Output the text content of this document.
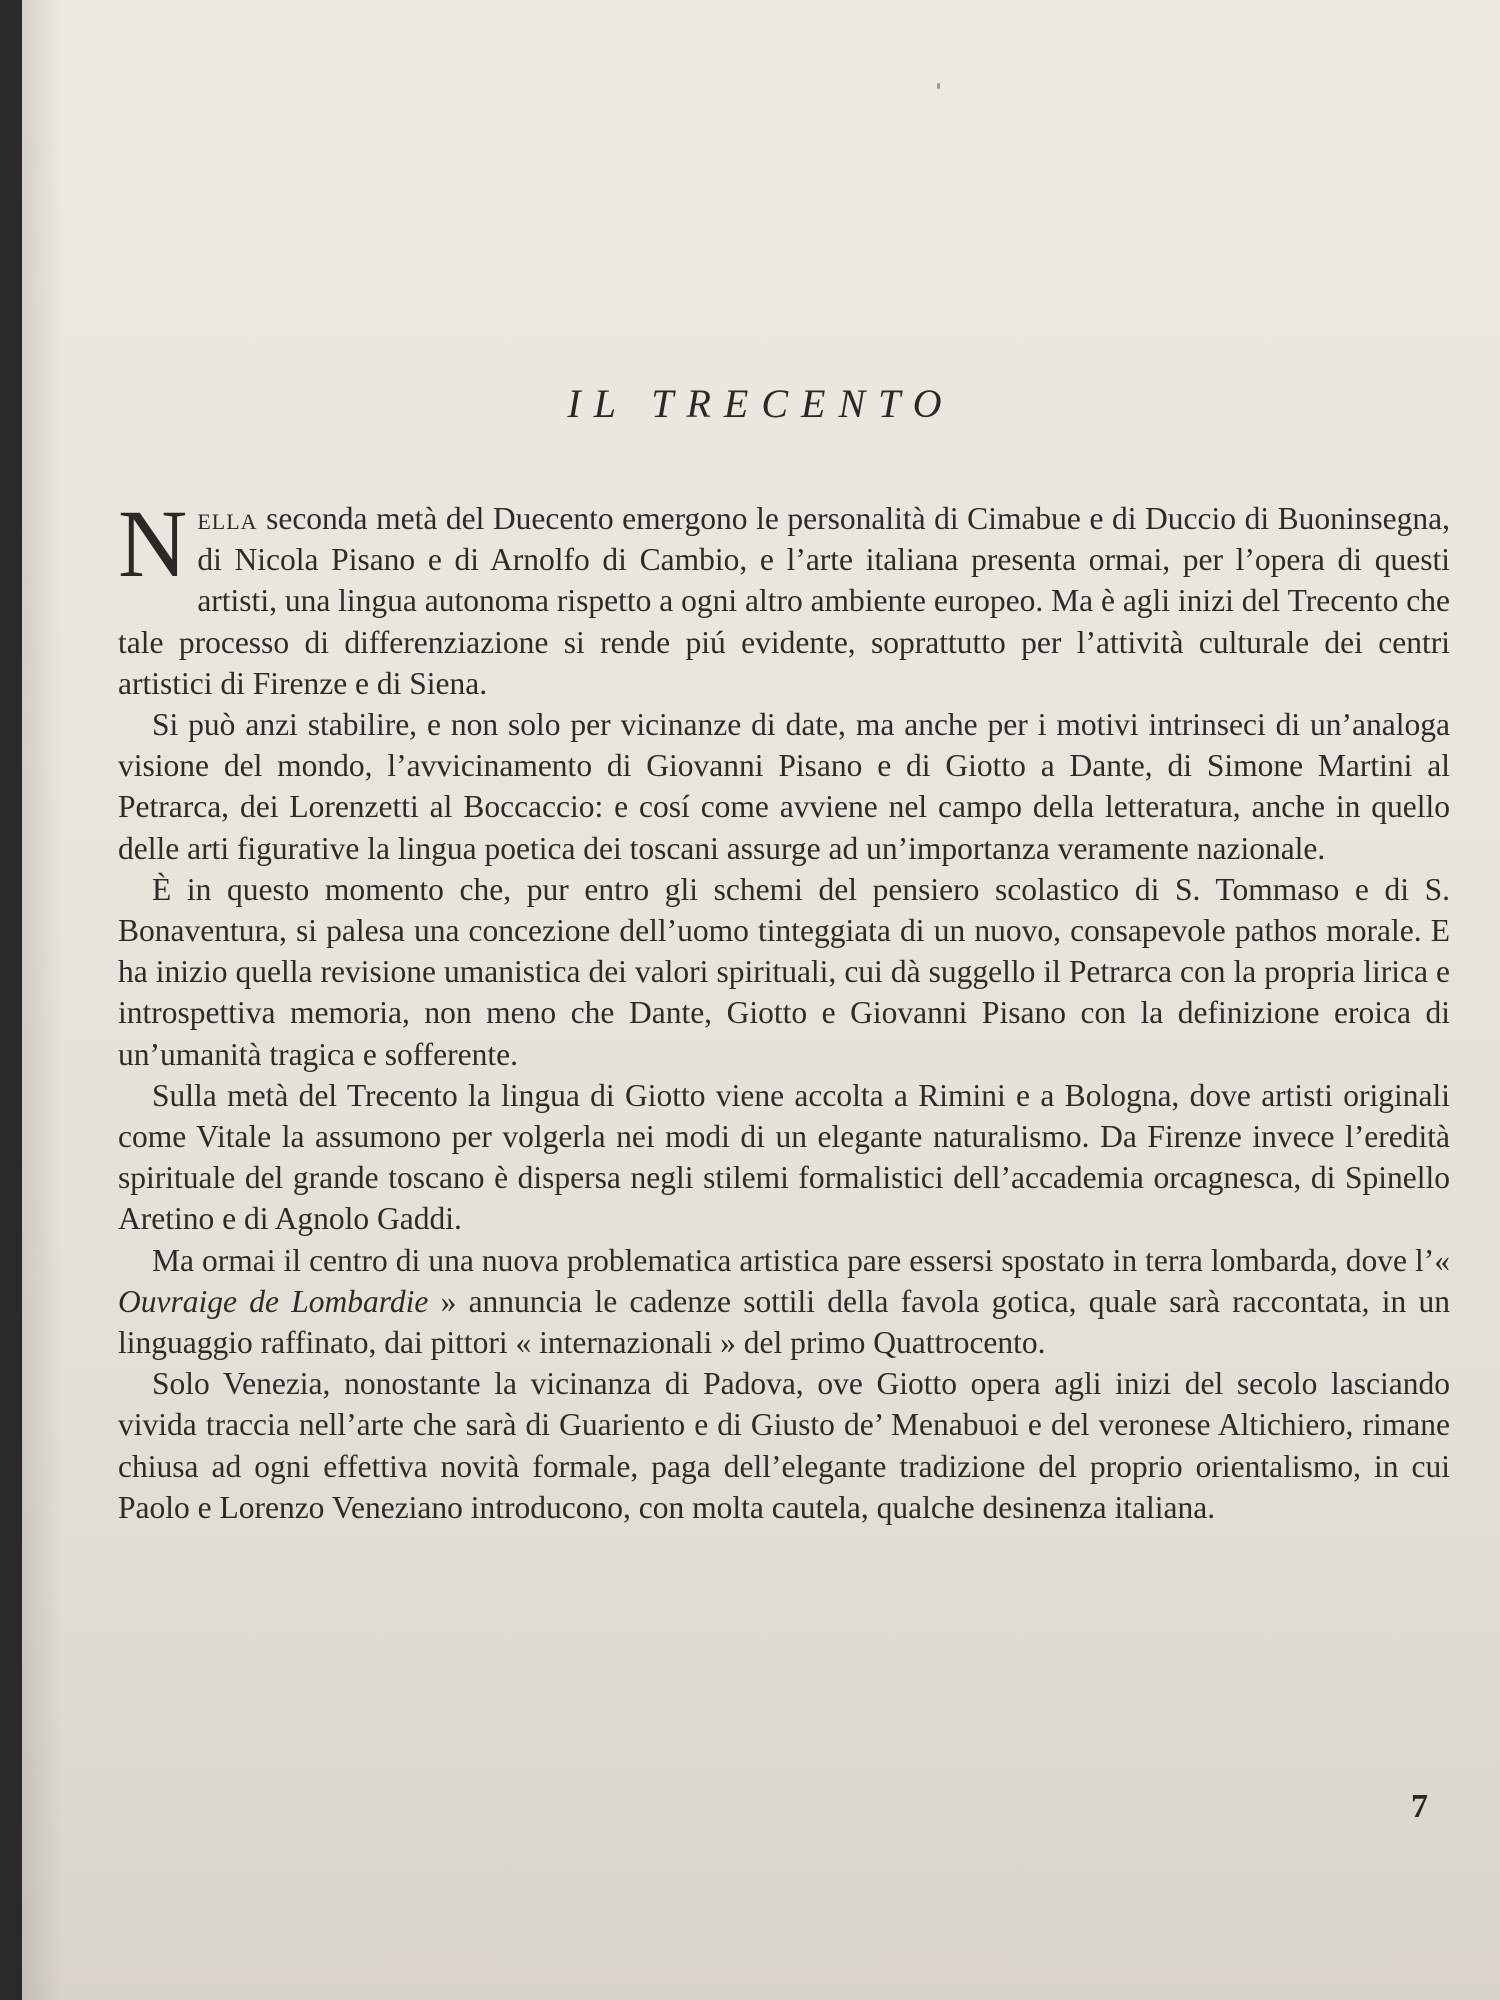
IL TRECENTO

Nella seconda metà del Duecento emergono le personalità di Cimabue e di Duccio di Buoninsegna, di Nicola Pisano e di Arnolfo di Cambio, e l’arte italiana presenta ormai, per l’opera di questi artisti, una lingua autonoma rispetto a ogni altro ambiente europeo. Ma è agli inizi del Trecento che tale processo di differenziazione si rende piú evidente, soprattutto per l’attività culturale dei centri artistici di Firenze e di Siena.

Si può anzi stabilire, e non solo per vicinanze di date, ma anche per i motivi intrinseci di un’analoga visione del mondo, l’avvicinamento di Giovanni Pisano e di Giotto a Dante, di Simone Martini al Petrarca, dei Lorenzetti al Boccaccio: e cosí come avviene nel campo della letteratura, anche in quello delle arti figurative la lingua poetica dei toscani assurge ad un’importanza veramente nazionale.

È in questo momento che, pur entro gli schemi del pensiero scolastico di S. Tommaso e di S. Bonaventura, si palesa una concezione dell’uomo tinteggiata di un nuovo, consapevole pathos morale. E ha inizio quella revisione umanistica dei valori spirituali, cui dà suggello il Petrarca con la propria lirica e introspettiva memoria, non meno che Dante, Giotto e Giovanni Pisano con la definizione eroica di un’umanità tragica e sofferente.

Sulla metà del Trecento la lingua di Giotto viene accolta a Rimini e a Bologna, dove artisti originali come Vitale la assumono per volgerla nei modi di un elegante naturalismo. Da Firenze invece l’eredità spirituale del grande toscano è dispersa negli stilemi formalistici dell’accademia orcagnesca, di Spinello Aretino e di Agnolo Gaddi.

Ma ormai il centro di una nuova problematica artistica pare essersi spostato in terra lombarda, dove l’« Ouvraige de Lombardie » annuncia le cadenze sottili della favola gotica, quale sarà raccontata, in un linguaggio raffinato, dai pittori « internazionali » del primo Quattrocento.

Solo Venezia, nonostante la vicinanza di Padova, ove Giotto opera agli inizi del secolo lasciando vivida traccia nell’arte che sarà di Guariento e di Giusto de’ Menabuoi e del veronese Altichiero, rimane chiusa ad ogni effettiva novità formale, paga dell’elegante tradizione del proprio orientalismo, in cui Paolo e Lorenzo Veneziano introducono, con molta cautela, qualche desinenza italiana.

7
